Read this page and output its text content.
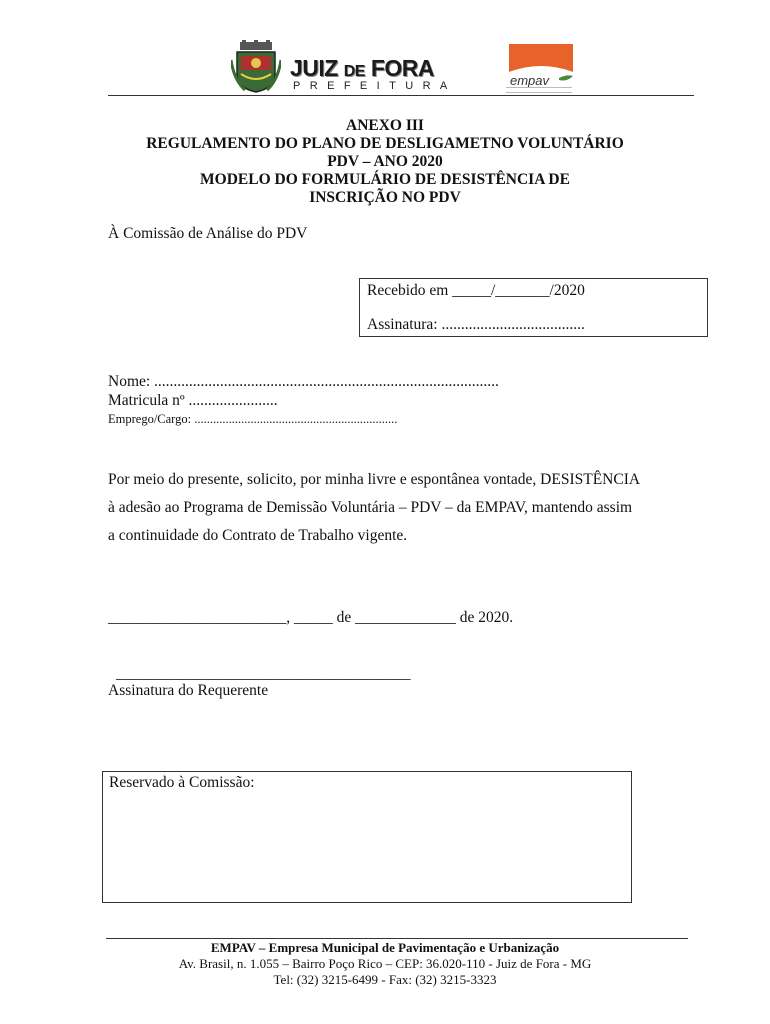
JUIZ DE FORA
PREFEITURA	empav
ANEXO III
REGULAMENTO DO PLANO DE DESLIGAMETNO VOLUNTÁRIO
PDV – ANO 2020
MODELO DO FORMULÁRIO DE DESISTÊNCIA DE
INSCRIÇÃO NO PDV
À Comissão de Análise do PDV
Recebido em _____/_______/2020
Assinatura: .....................................
Nome: .........................................................................................
Matricula nº .......................
Emprego/Cargo: .................................................................
Por meio do presente, solicito, por minha livre e espontânea vontade, DESISTÊNCIA
à adesão ao Programa de Demissão Voluntária – PDV – da EMPAV, mantendo assim
a continuidade do Contrato de Trabalho vigente.
_______________________, _____ de _____________ de 2020.
______________________________________
Assinatura do Requerente
Reservado à Comissão:
EMPAV – Empresa Municipal de Pavimentação e Urbanização
Av. Brasil, n. 1.055 – Bairro Poço Rico – CEP: 36.020-110 - Juiz de Fora - MG
Tel: (32) 3215-6499 - Fax: (32) 3215-3323
